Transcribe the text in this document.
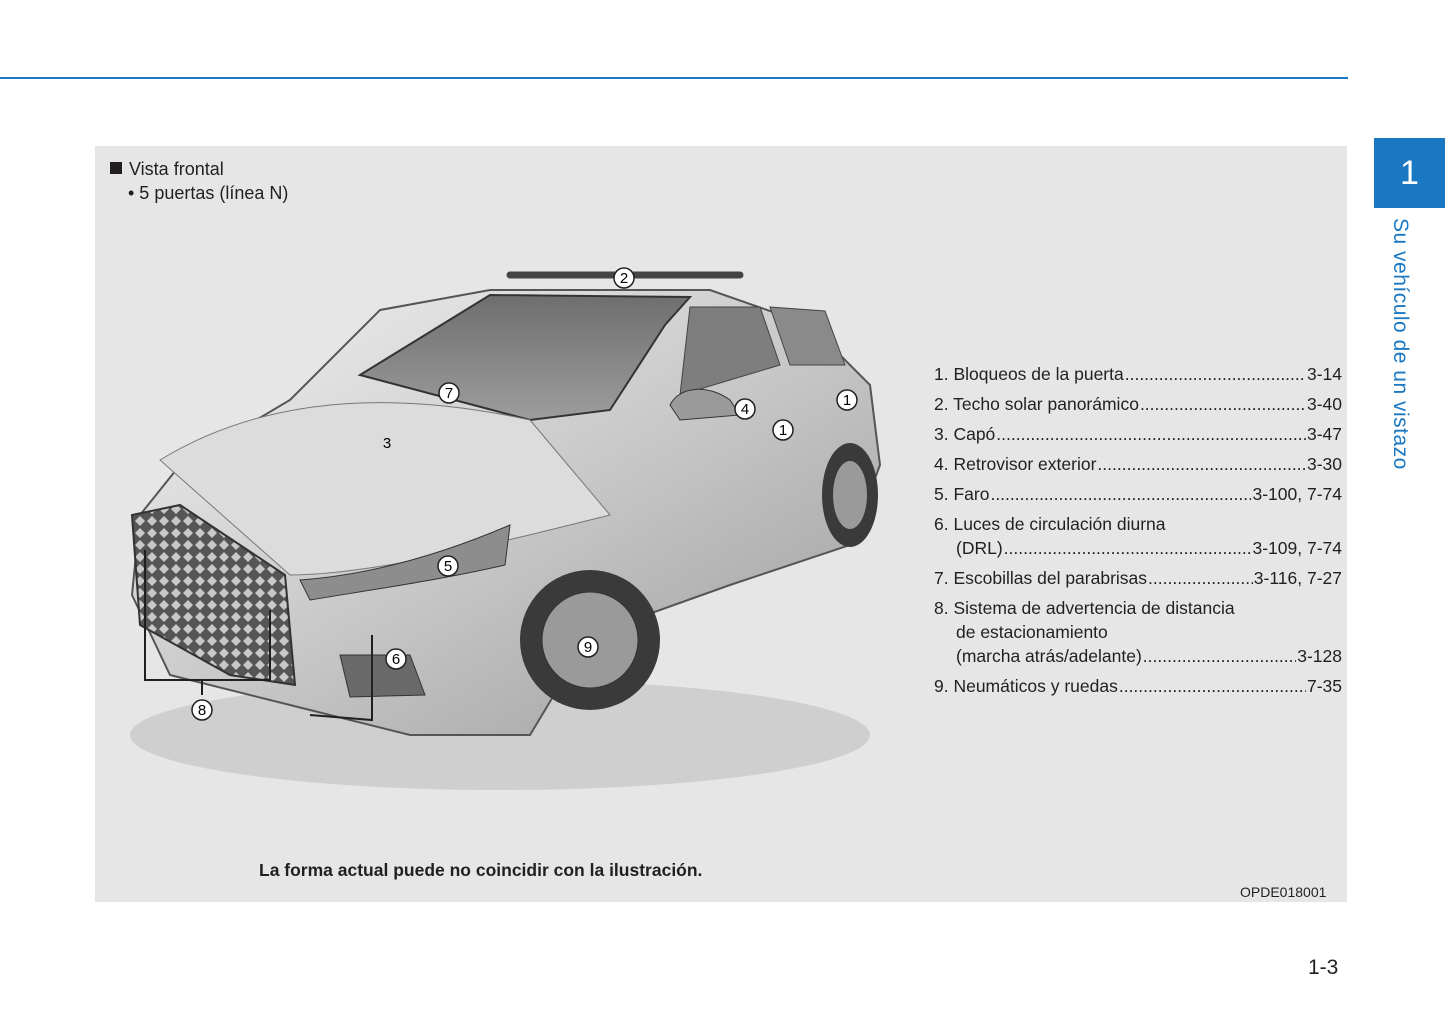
1
Su vehículo de un vistazo
Vista frontal
• 5 puertas (línea N)
1
1
2
3
4
5
6
7
8
9
1. Bloqueos de la puerta .....	3-14
2. Techo solar panorámico .....	3-40
3. Capó .....	3-47
4. Retrovisor exterior .....	3-30
5. Faro .....	3-100, 7-74
6. Luces de circulación diurna
(DRL) .....	3-109, 7-74
7. Escobillas del parabrisas .....	3-116, 7-27
8. Sistema de advertencia de distancia
de estacionamiento
(marcha atrás/adelante) .....	3-128
9. Neumáticos y ruedas .....	7-35
La forma actual puede no coincidir con la ilustración.
OPDE018001
1-3
